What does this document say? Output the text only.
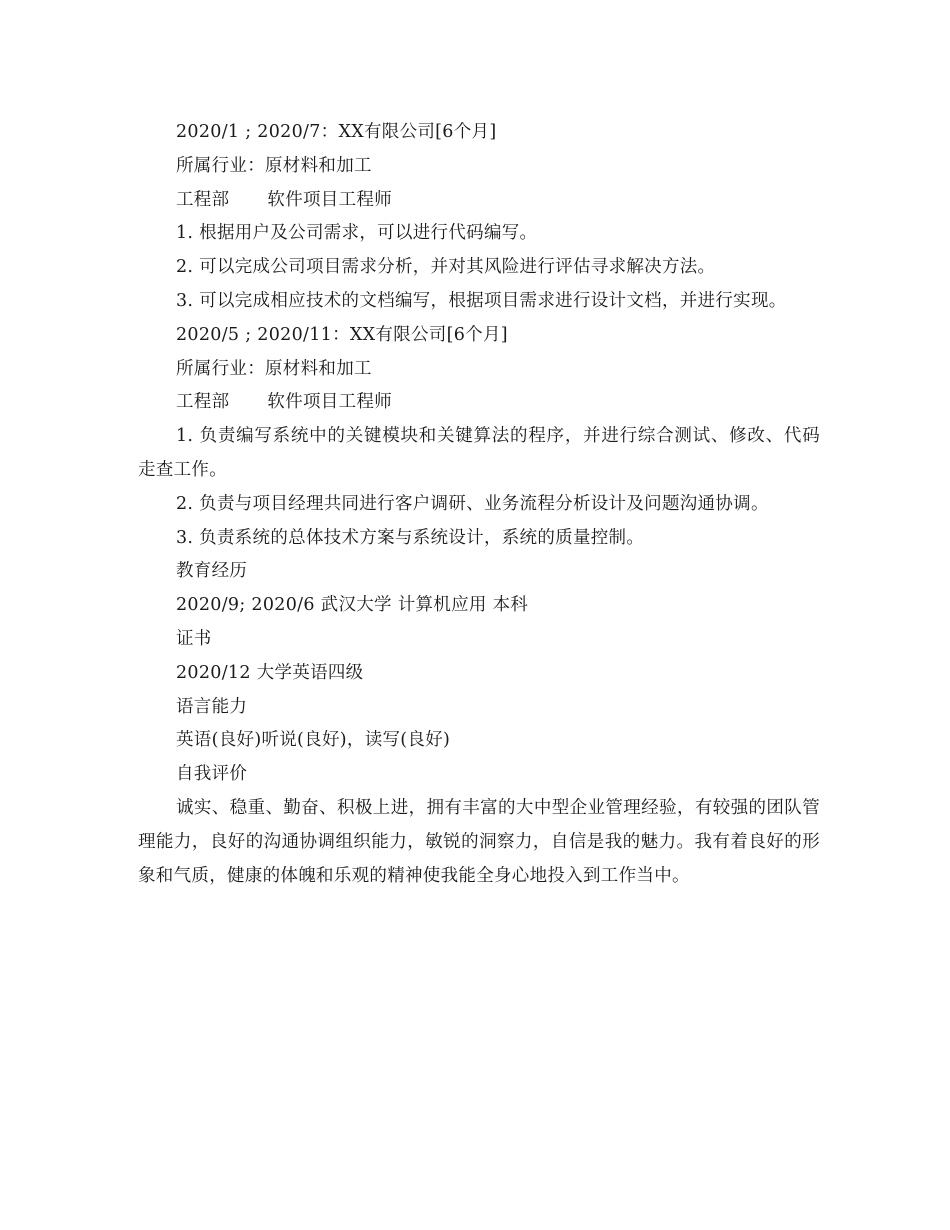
2020/1 ; 2020/7：XX有限公司[6个月]

所属行业：原材料和加工

工程部 软件项目工程师

1. 根据用户及公司需求，可以进行代码编写。

2. 可以完成公司项目需求分析，并对其风险进行评估寻求解决方法。

3. 可以完成相应技术的文档编写，根据项目需求进行设计文档，并进行实现。

2020/5 ; 2020/11：XX有限公司[6个月]

所属行业：原材料和加工

工程部 软件项目工程师

1. 负责编写系统中的关键模块和关键算法的程序，并进行综合测试、修改、代码走查工作。

2. 负责与项目经理共同进行客户调研、业务流程分析设计及问题沟通协调。

3. 负责系统的总体技术方案与系统设计，系统的质量控制。

教育经历

2020/9; 2020/6 武汉大学 计算机应用 本科

证书

2020/12 大学英语四级

语言能力

英语(良好)听说(良好)，读写(良好)

自我评价

诚实、稳重、勤奋、积极上进，拥有丰富的大中型企业管理经验，有较强的团队管理能力，良好的沟通协调组织能力，敏锐的洞察力，自信是我的魅力。我有着良好的形象和气质，健康的体魄和乐观的精神使我能全身心地投入到工作当中。
